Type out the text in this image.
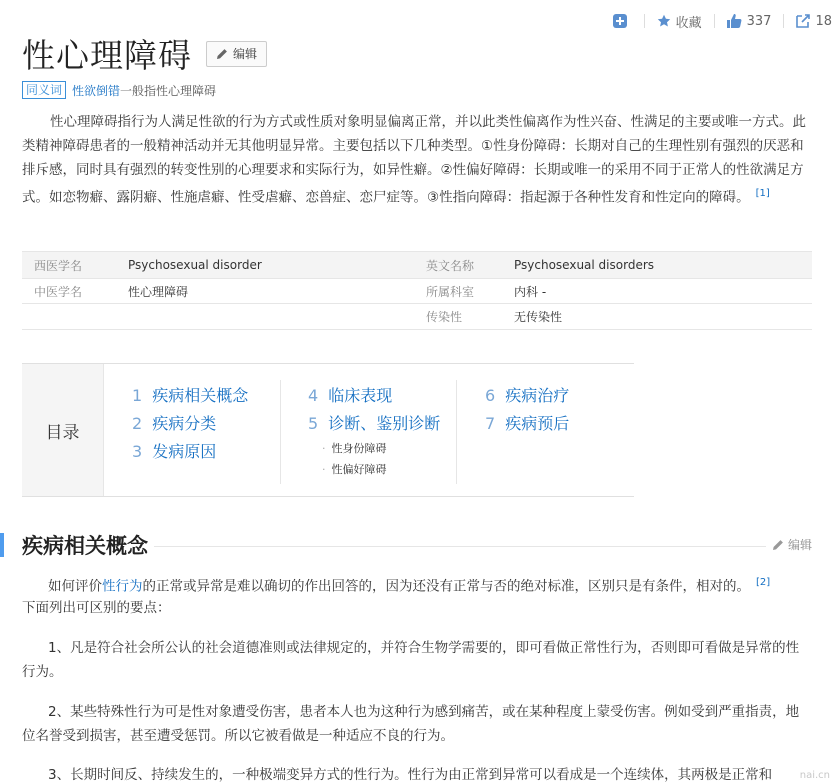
收藏	337	18
性心理障碍	编辑
同义词 性欲倒错 一般指性心理障碍
性心理障碍指行为人满足性欲的行为方式或性质对象明显偏离正常，并以此类性偏离作为性兴奋、性满足的主要或唯一方式。此类精神障碍患者的一般精神活动并无其他明显异常。主要包括以下几种类型。①性身份障碍：长期对自己的生理性别有强烈的厌恶和排斥感，同时具有强烈的转变性别的心理要求和实际行为，如异性癖。②性偏好障碍：长期或唯一的采用不同于正常人的性欲满足方式。如恋物癖、露阴癖、性施虐癖、性受虐癖、恋兽症、恋尸症等。③性指向障碍：指起源于各种性发育和性定向的障碍。 [1]
西医学名	Psychosexual disorder	英文名称	Psychosexual disorders
中医学名	性心理障碍	所属科室	内科 -
传染性	无传染性
目录
1 疾病相关概念
2 疾病分类
3 发病原因
4 临床表现
5 诊断、鉴别诊断
· 性身份障碍
· 性偏好障碍
6 疾病治疗
7 疾病预后
疾病相关概念	编辑
如何评价性行为的正常或异常是难以确切的作出回答的，因为还没有正常与否的绝对标准，区别只是有条件，相对的。 [2]
下面列出可区别的要点：
1、凡是符合社会所公认的社会道德准则或法律规定的，并符合生物学需要的，即可看做正常性行为，否则即可看做是异常的性行为。
2、某些特殊性行为可是性对象遭受伤害，患者本人也为这种行为感到痛苦，或在某种程度上蒙受伤害。例如受到严重指责，地位名誉受到损害，甚至遭受惩罚。所以它被看做是一种适应不良的行为。
3、长期时间反、持续发生的，一种极端变异方式的性行为。性行为由正常到异常可以看成是一个连续体，其两极是正常和	nai.cn
